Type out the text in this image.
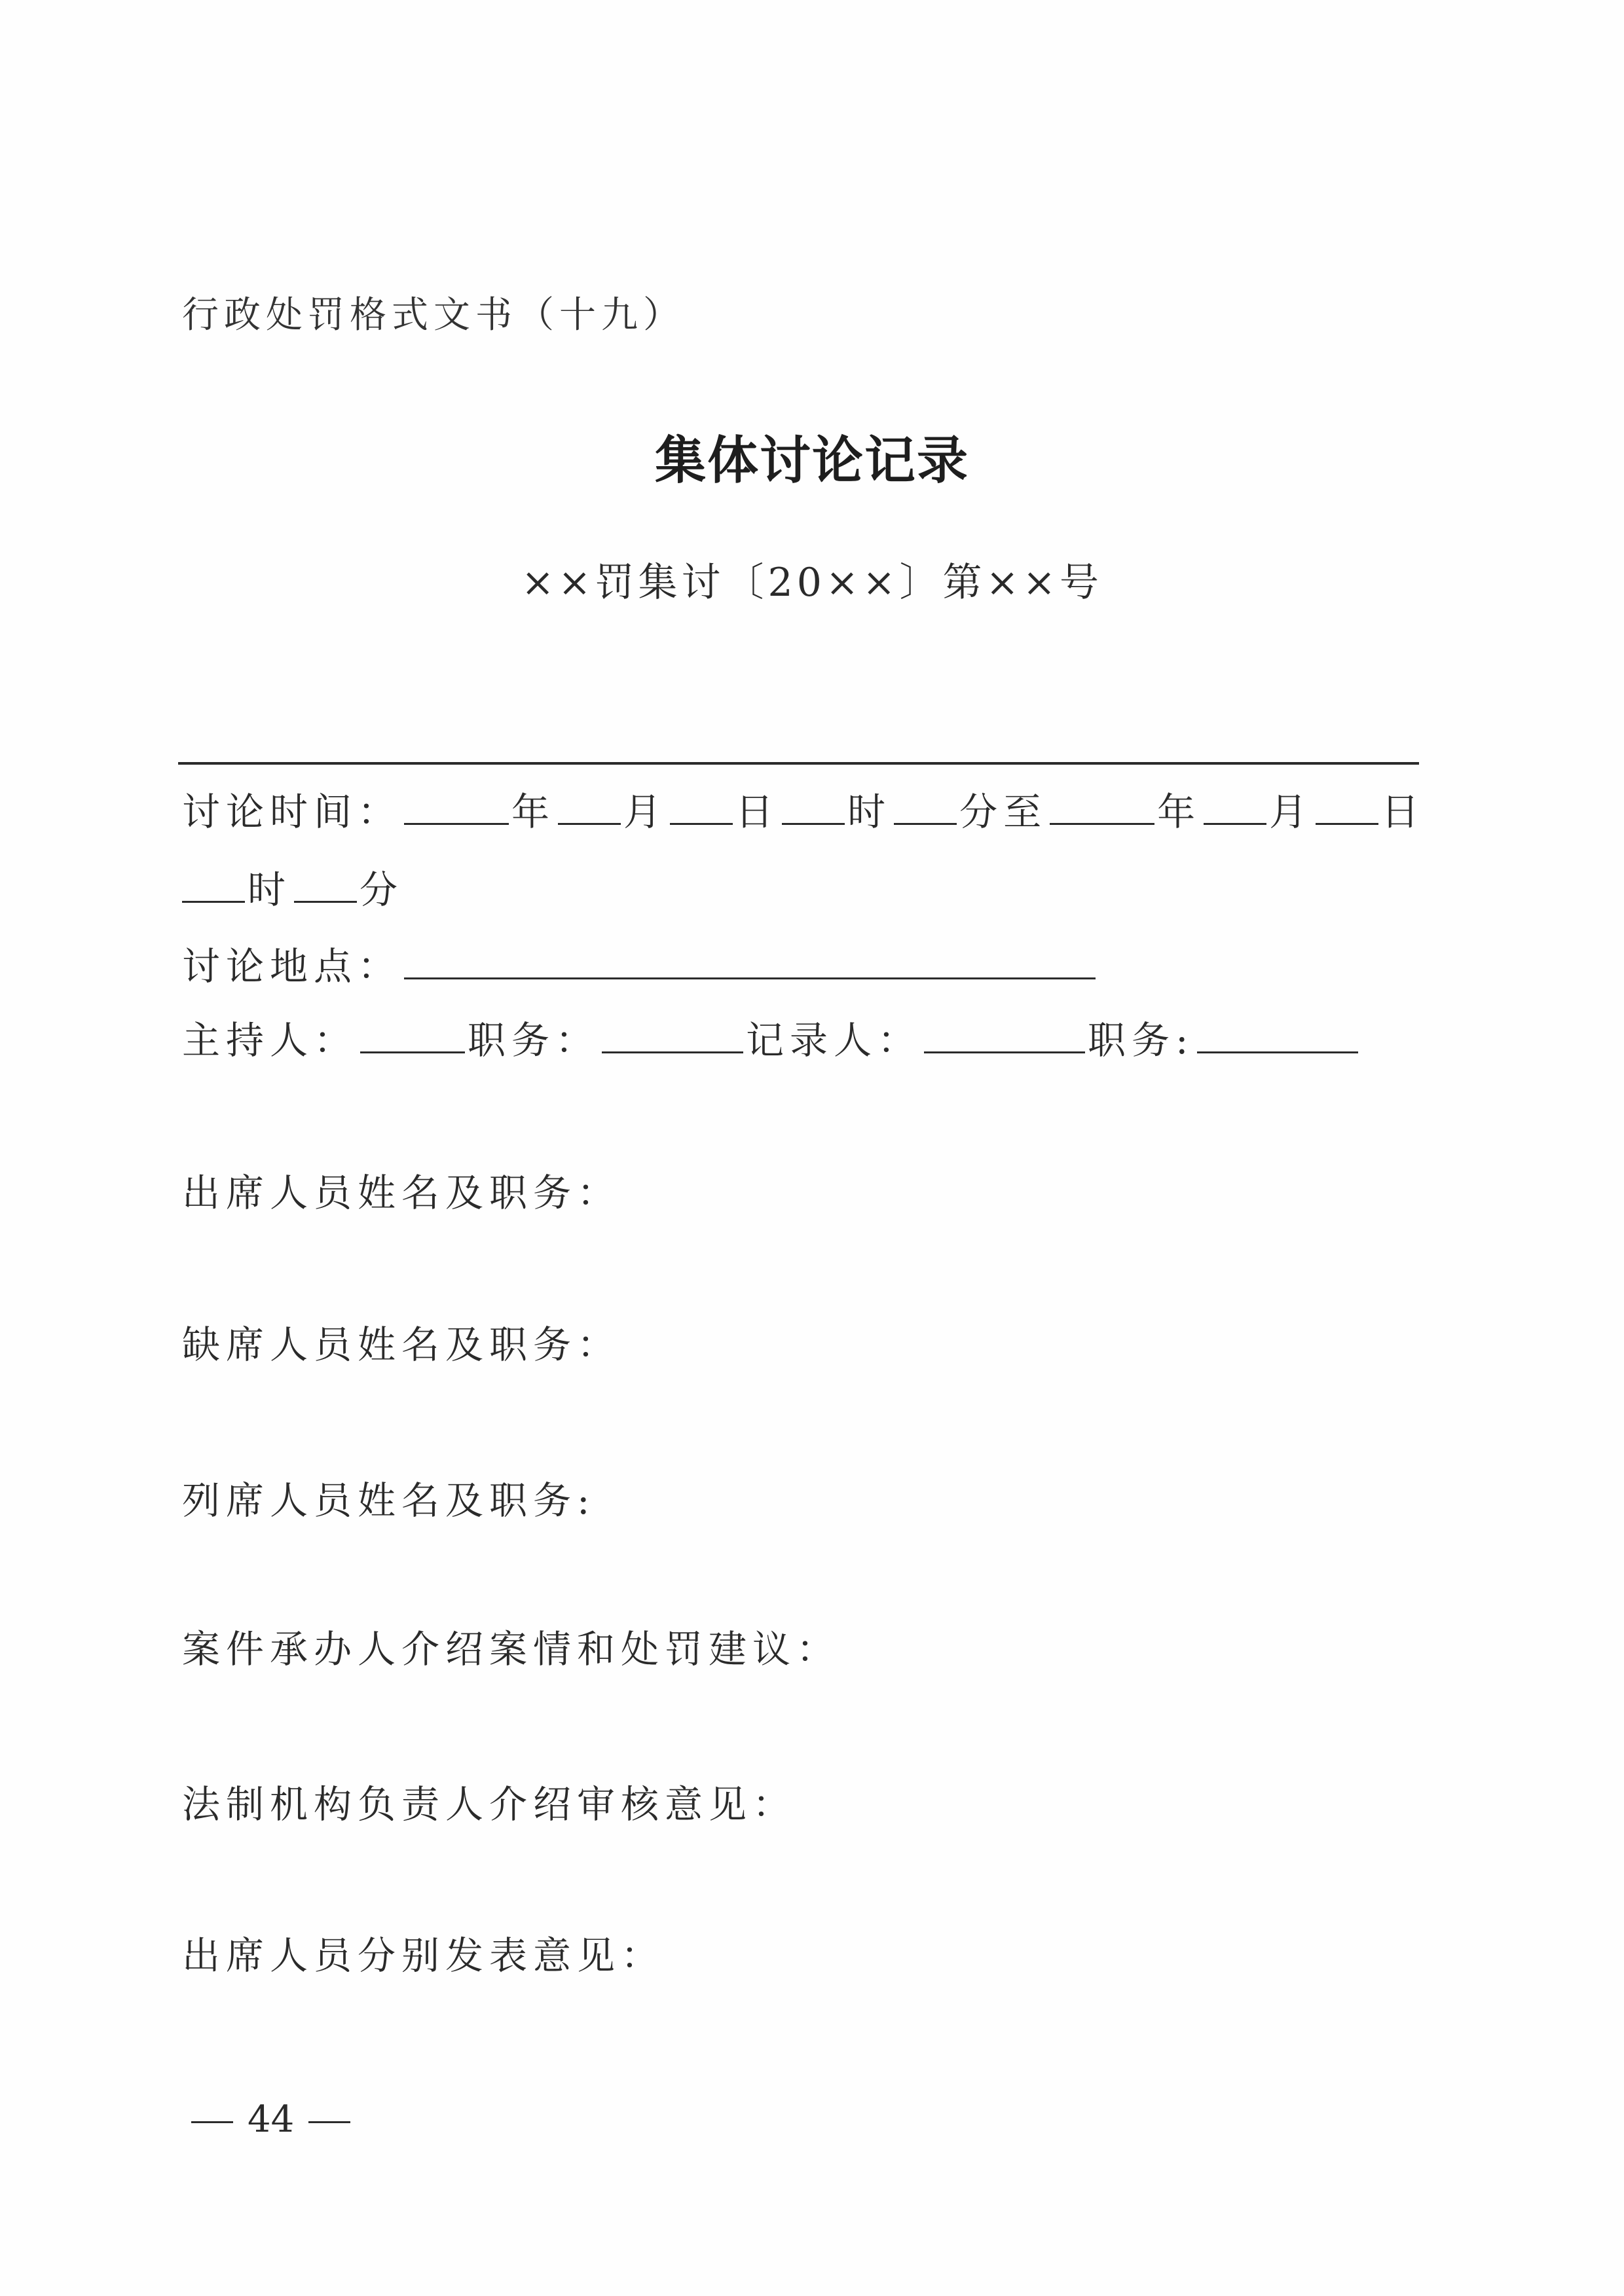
行政处罚格式文书（十九）
集体讨论记录
××罚集讨〔20××〕第××号
讨论时间：	年 月 日 时 分至	年 月 日
时 分
讨论地点：
主持人：	职务：	记录人：	职务:
出席人员姓名及职务：
缺席人员姓名及职务：
列席人员姓名及职务:
案件承办人介绍案情和处罚建议：
法制机构负责人介绍审核意见：
出席人员分别发表意见：
44
